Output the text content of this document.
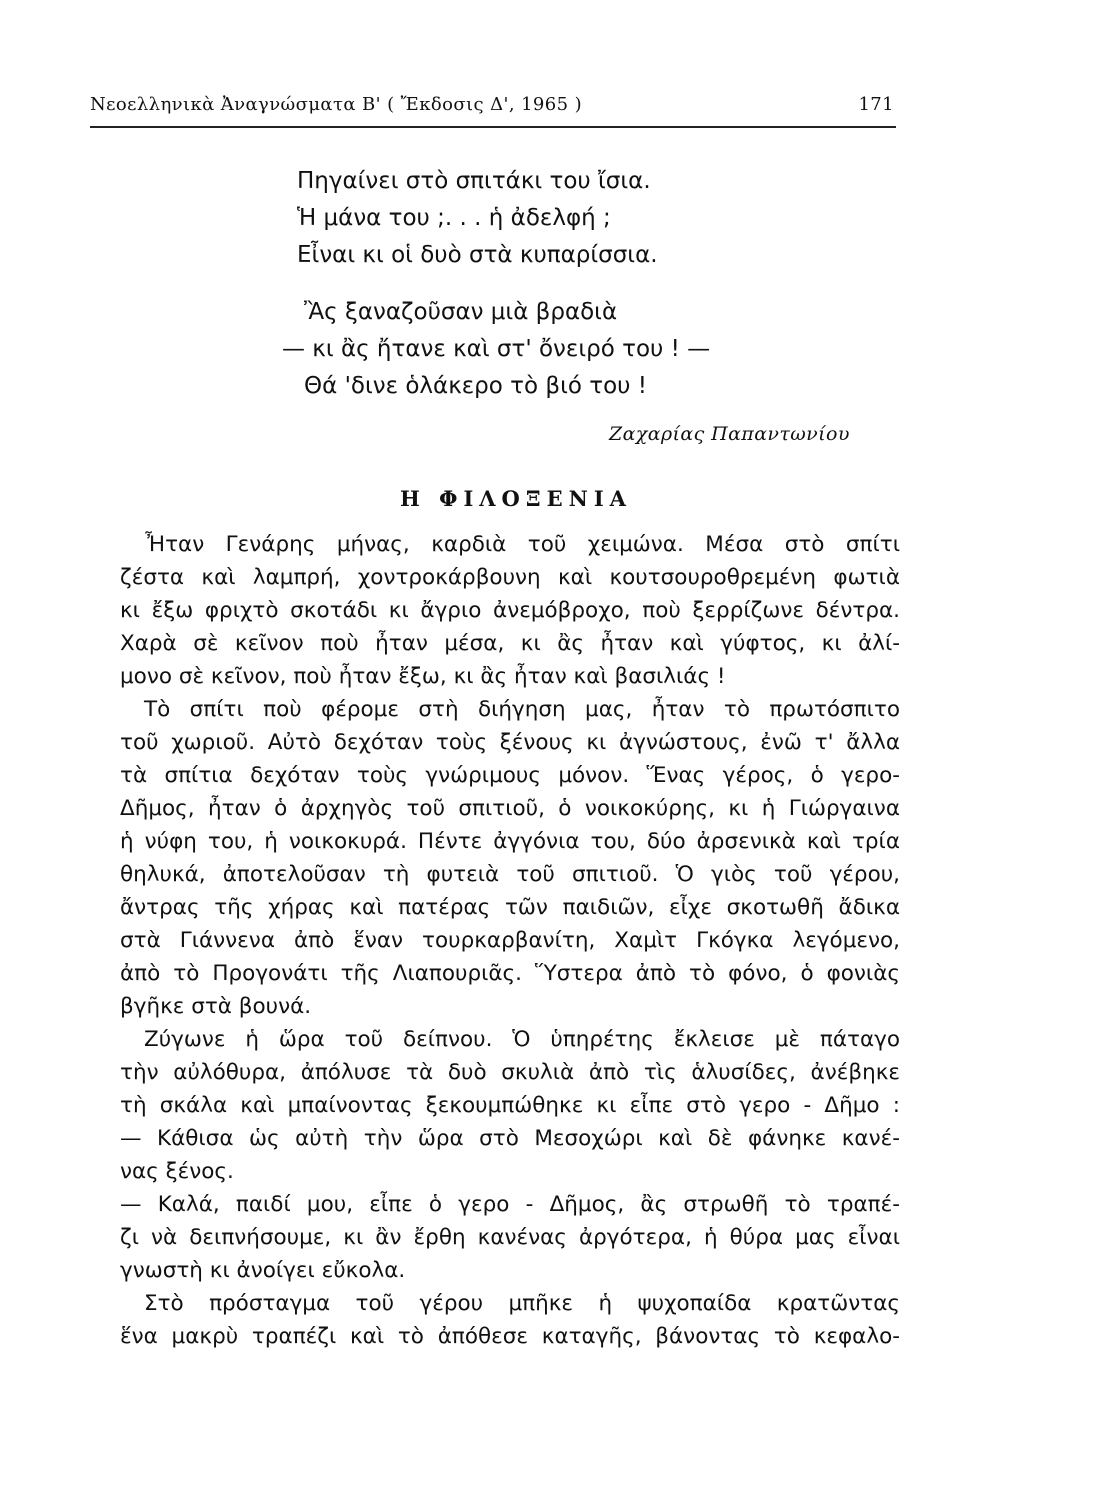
Νεοελληνικὰ Ἀναγνώσματα Β' ( Ἔκδοσις Δ', 1965 )	171
Πηγαίνει στὸ σπιτάκι του ἴσια.
Ἡ μάνα του ;. . . ἡ ἀδελφή ;
Εἶναι κι οἱ δυὸ στὰ κυπαρίσσια.
Ἂς ξαναζοῦσαν μιὰ βραδιὰ
— κι ἂς ἤτανε καὶ στ' ὄνειρό του ! —
Θά 'δινε ὁλάκερο τὸ βιό του !
Ζαχαρίας Παπαντωνίου
Η ΦΙΛΟΞΕΝΙΑ
Ἦταν Γενάρης μήνας, καρδιὰ τοῦ χειμώνα. Μέσα στὸ σπίτι
ζέστα καὶ λαμπρή, χοντροκάρβουνη καὶ κουτσουροθρεμένη φωτιὰ
κι ἔξω φριχτὸ σκοτάδι κι ἄγριο ἀνεμόβροχο, ποὺ ξερρίζωνε δέντρα.
Χαρὰ σὲ κεῖνον ποὺ ἦταν μέσα, κι ἂς ἦταν καὶ γύφτος, κι ἀλί-
μονο σὲ κεῖνον, ποὺ ἦταν ἔξω, κι ἂς ἦταν καὶ βασιλιάς !
Τὸ σπίτι ποὺ φέρομε στὴ διήγηση μας, ἦταν τὸ πρωτόσπιτο
τοῦ χωριοῦ. Αὐτὸ δεχόταν τοὺς ξένους κι ἀγνώστους, ἐνῶ τ' ἄλλα
τὰ σπίτια δεχόταν τοὺς γνώριμους μόνον. Ἕνας γέρος, ὁ γερο-
Δῆμος, ἦταν ὁ ἀρχηγὸς τοῦ σπιτιοῦ, ὁ νοικοκύρης, κι ἡ Γιώργαινα
ἡ νύφη του, ἡ νοικοκυρά. Πέντε ἀγγόνια του, δύο ἀρσενικὰ καὶ τρία
θηλυκά, ἀποτελοῦσαν τὴ φυτειὰ τοῦ σπιτιοῦ. Ὁ γιὸς τοῦ γέρου,
ἄντρας τῆς χήρας καὶ πατέρας τῶν παιδιῶν, εἶχε σκοτωθῆ ἄδικα
στὰ Γιάννενα ἀπὸ ἕναν τουρκαρβανίτη, Χαμὶτ Γκόγκα λεγόμενο,
ἀπὸ τὸ Προγονάτι τῆς Λιαπουριᾶς. Ὕστερα ἀπὸ τὸ φόνο, ὁ φονιὰς
βγῆκε στὰ βουνά.
Ζύγωνε ἡ ὥρα τοῦ δείπνου. Ὁ ὑπηρέτης ἔκλεισε μὲ πάταγο
τὴν αὐλόθυρα, ἀπόλυσε τὰ δυὸ σκυλιὰ ἀπὸ τὶς ἁλυσίδες, ἀνέβηκε
τὴ σκάλα καὶ μπαίνοντας ξεκουμπώθηκε κι εἶπε στὸ γερο - Δῆμο :
— Κάθισα ὡς αὐτὴ τὴν ὥρα στὸ Μεσοχώρι καὶ δὲ φάνηκε κανέ-
νας ξένος.
— Καλά, παιδί μου, εἶπε ὁ γερο - Δῆμος, ἂς στρωθῆ τὸ τραπέ-
ζι νὰ δειπνήσουμε, κι ἂν ἔρθη κανένας ἀργότερα, ἡ θύρα μας εἶναι
γνωστὴ κι ἀνοίγει εὔκολα.
Στὸ πρόσταγμα τοῦ γέρου μπῆκε ἡ ψυχοπαίδα κρατῶντας
ἕνα μακρὺ τραπέζι καὶ τὸ ἀπόθεσε καταγῆς, βάνοντας τὸ κεφαλο-
